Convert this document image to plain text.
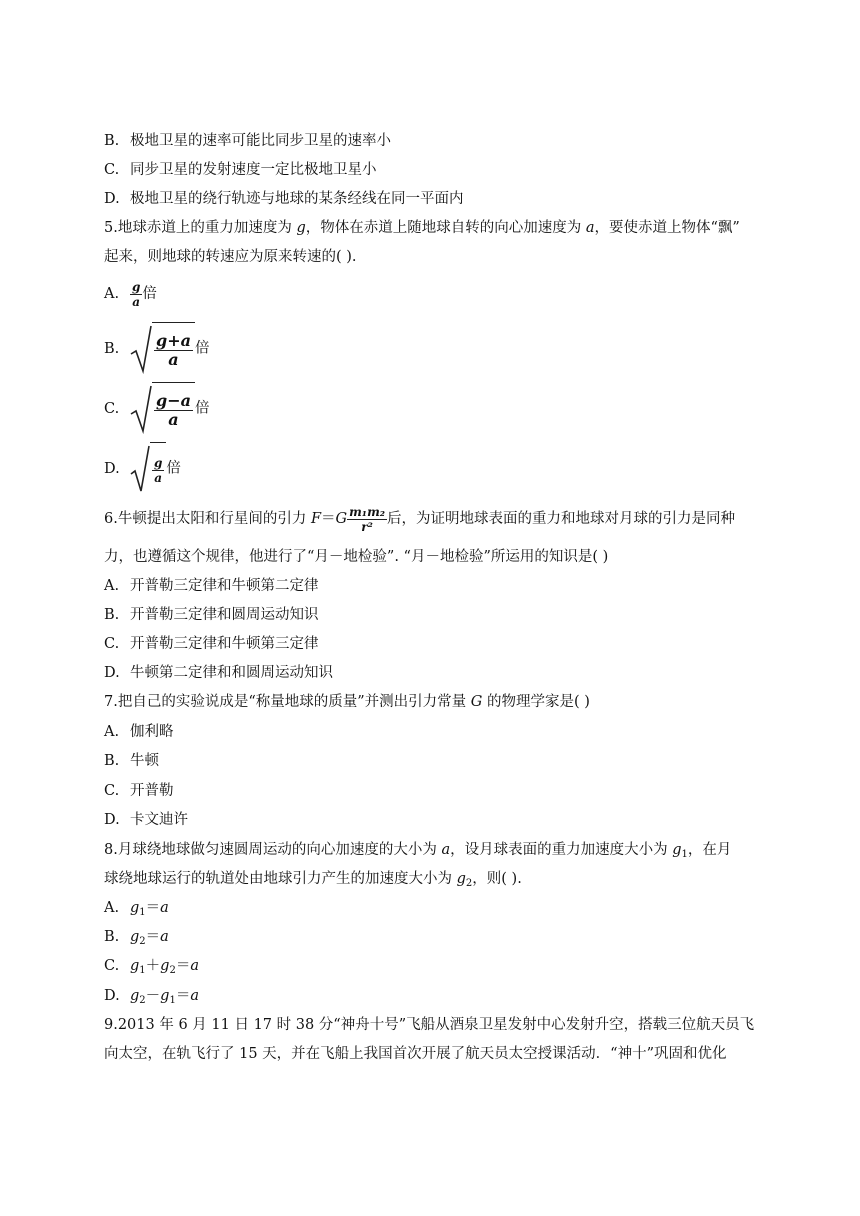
B. 极地卫星的速率可能比同步卫星的速率小
C. 同步卫星的发射速度一定比极地卫星小
D. 极地卫星的绕行轨迹与地球的某条经线在同一平面内
5.地球赤道上的重力加速度为 g，物体在赤道上随地球自转的向心加速度为 a，要使赤道上物体“飘”
起来，则地球的转速应为原来转速的( ).
A. $\frac{g}{a}$ 倍
B. $\frac{g+a}{a}$ 倍
C. $\frac{g-a}{a}$ 倍
D.	$\frac{g}{a}$ 倍
6.牛顿提出太阳和行星间的引力 $F=G \frac{\text{m₁m₂}}{\text{r²}}$ 后，为证明地球表面的重力和地球对月球的引力是同种
力，也遵循这个规律，他进行了“月－地检验”. “月－地检验”所运用的知识是( )
A. 开普勒三定律和牛顿第二定律
B. 开普勒三定律和圆周运动知识
C. 开普勒三定律和牛顿第三定律
D. 牛顿第二定律和和圆周运动知识
7.把自己的实验说成是“称量地球的质量”并测出引力常量 G 的物理学家是( )
A. 伽利略
B. 牛顿
C. 开普勒
D. 卡文迪许
8.月球绕地球做匀速圆周运动的向心加速度的大小为 a，设月球表面的重力加速度大小为 $g_1$，在月
球绕地球运行的轨道处由地球引力产生的加速度大小为 $g_2$，则( ).
A. $g_1=a$
B. $g_2=a$
C. $g_1+g_2=a$
D. $g_2-g_1=a$
9.2013 年 6 月 11 日 17 时 38 分“神舟十号”飞船从酒泉卫星发射中心发射升空，搭载三位航天员飞
向太空，在轨飞行了 15 天，并在飞船上我国首次开展了航天员太空授课活动．“神十”巩固和优化
